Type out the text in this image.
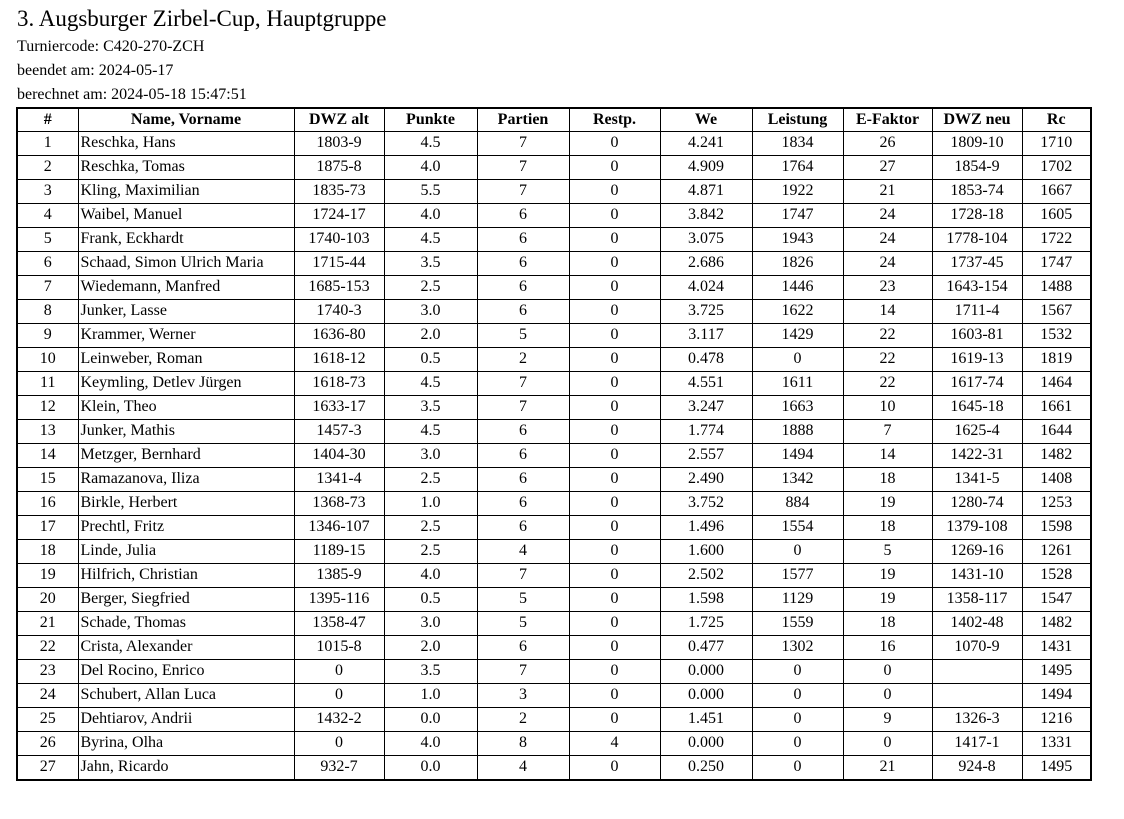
3. Augsburger Zirbel-Cup, Hauptgruppe
Turniercode: C420-270-ZCH
beendet am: 2024-05-17
berechnet am: 2024-05-18 15:47:51
#	Name, Vorname	DWZ alt	Punkte	Partien	Restp.	We	Leistung	E-Faktor	DWZ neu	Rc
1	Reschka, Hans	1803-9	4.5	7	0	4.241	1834	26	1809-10	1710
2	Reschka, Tomas	1875-8	4.0	7	0	4.909	1764	27	1854-9	1702
3	Kling, Maximilian	1835-73	5.5	7	0	4.871	1922	21	1853-74	1667
4	Waibel, Manuel	1724-17	4.0	6	0	3.842	1747	24	1728-18	1605
5	Frank, Eckhardt	1740-103	4.5	6	0	3.075	1943	24	1778-104	1722
6	Schaad, Simon Ulrich Maria	1715-44	3.5	6	0	2.686	1826	24	1737-45	1747
7	Wiedemann, Manfred	1685-153	2.5	6	0	4.024	1446	23	1643-154	1488
8	Junker, Lasse	1740-3	3.0	6	0	3.725	1622	14	1711-4	1567
9	Krammer, Werner	1636-80	2.0	5	0	3.117	1429	22	1603-81	1532
10	Leinweber, Roman	1618-12	0.5	2	0	0.478	0	22	1619-13	1819
11	Keymling, Detlev Jürgen	1618-73	4.5	7	0	4.551	1611	22	1617-74	1464
12	Klein, Theo	1633-17	3.5	7	0	3.247	1663	10	1645-18	1661
13	Junker, Mathis	1457-3	4.5	6	0	1.774	1888	7	1625-4	1644
14	Metzger, Bernhard	1404-30	3.0	6	0	2.557	1494	14	1422-31	1482
15	Ramazanova, Iliza	1341-4	2.5	6	0	2.490	1342	18	1341-5	1408
16	Birkle, Herbert	1368-73	1.0	6	0	3.752	884	19	1280-74	1253
17	Prechtl, Fritz	1346-107	2.5	6	0	1.496	1554	18	1379-108	1598
18	Linde, Julia	1189-15	2.5	4	0	1.600	0	5	1269-16	1261
19	Hilfrich, Christian	1385-9	4.0	7	0	2.502	1577	19	1431-10	1528
20	Berger, Siegfried	1395-116	0.5	5	0	1.598	1129	19	1358-117	1547
21	Schade, Thomas	1358-47	3.0	5	0	1.725	1559	18	1402-48	1482
22	Crista, Alexander	1015-8	2.0	6	0	0.477	1302	16	1070-9	1431
23	Del Rocino, Enrico	0	3.5	7	0	0.000	0	0		1495
24	Schubert, Allan Luca	0	1.0	3	0	0.000	0	0		1494
25	Dehtiarov, Andrii	1432-2	0.0	2	0	1.451	0	9	1326-3	1216
26	Byrina, Olha	0	4.0	8	4	0.000	0	0	1417-1	1331
27	Jahn, Ricardo	932-7	0.0	4	0	0.250	0	21	924-8	1495
